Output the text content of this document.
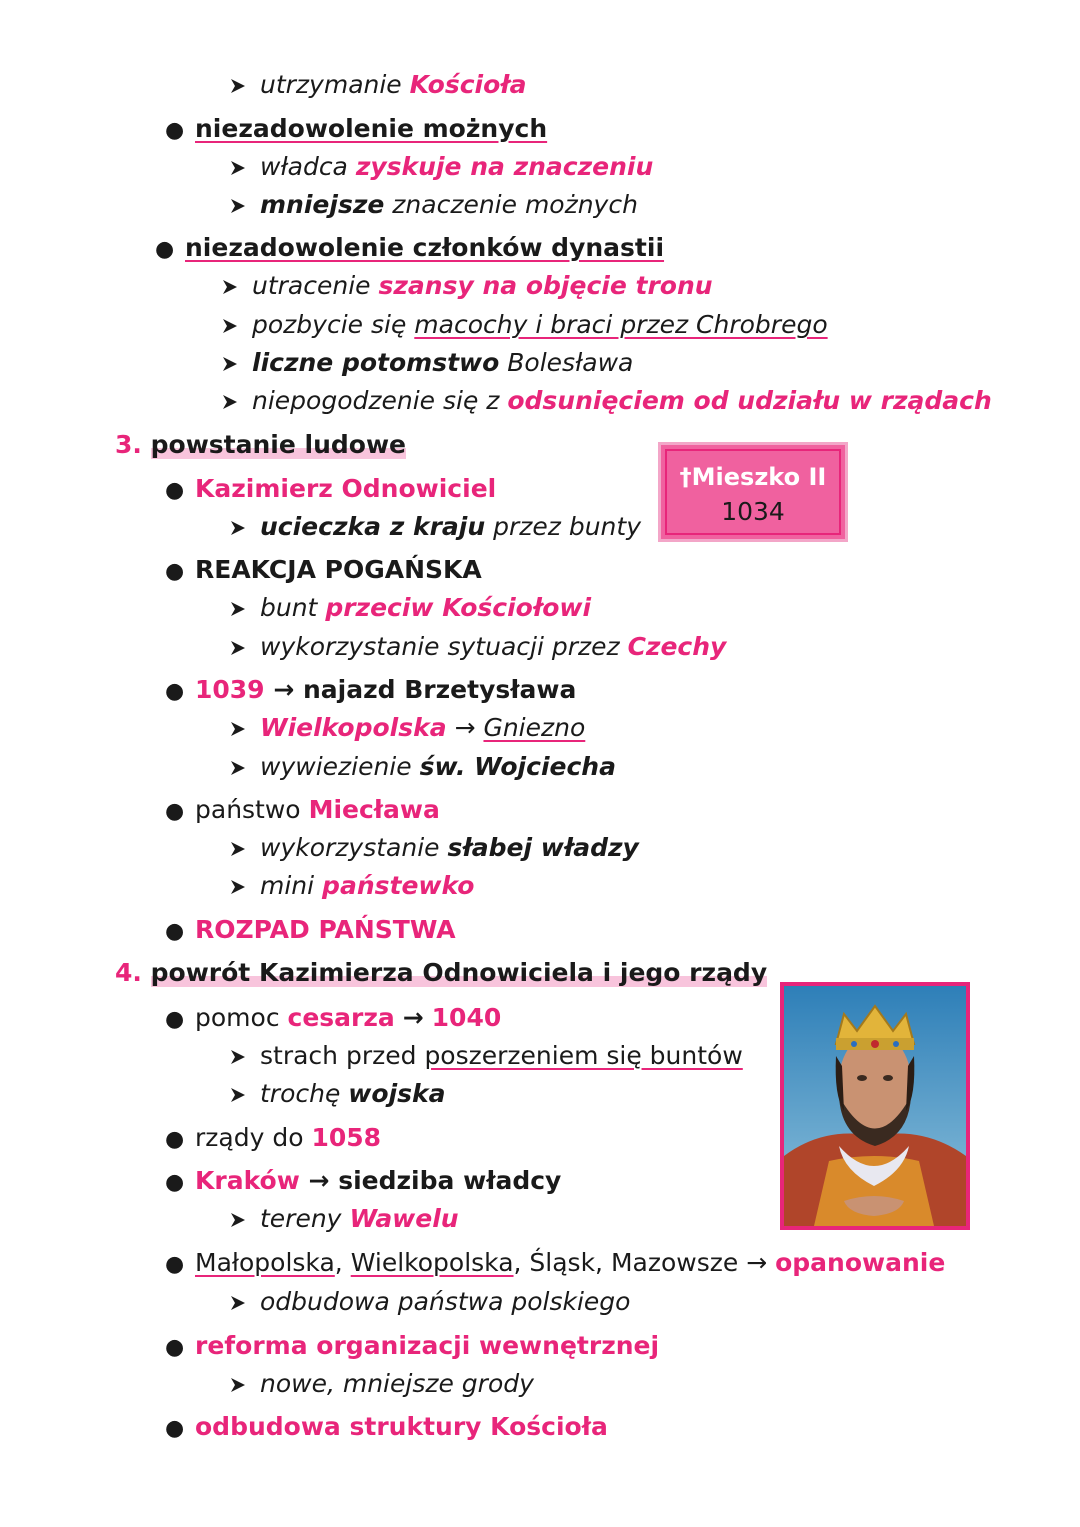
utrzymanie Kościoła
● niezadowolenie możnych
władca zyskuje na znaczeniu
mniejsze znaczenie możnych
● niezadowolenie członków dynastii
utracenie szansy na objęcie tronu
pozbycie się macochy i braci przez Chrobrego
liczne potomstwo Bolesława
niepogodzenie się z odsunięciem od udziału w rządach
3. powstanie ludowe
†Mieszko II
1034
● Kazimierz Odnowiciel
ucieczka z kraju przez bunty
● REAKCJA POGAŃSKA
bunt przeciw Kościołowi
wykorzystanie sytuacji przez Czechy
● 1039 → najazd Brzetysława
Wielkopolska → Gniezno
wywiezienie św. Wojciecha
● państwo Miecława
wykorzystanie słabej władzy
mini państewko
● ROZPAD PAŃSTWA
4. powrót Kazimierza Odnowiciela i jego rządy
● pomoc cesarza → 1040
strach przed poszerzeniem się buntów
trochę wojska
● rządy do 1058
● Kraków → siedziba władcy
tereny Wawelu
● Małopolska, Wielkopolska, Śląsk, Mazowsze → opanowanie
odbudowa państwa polskiego
● reforma organizacji wewnętrznej
nowe, mniejsze grody
● odbudowa struktury Kościoła
